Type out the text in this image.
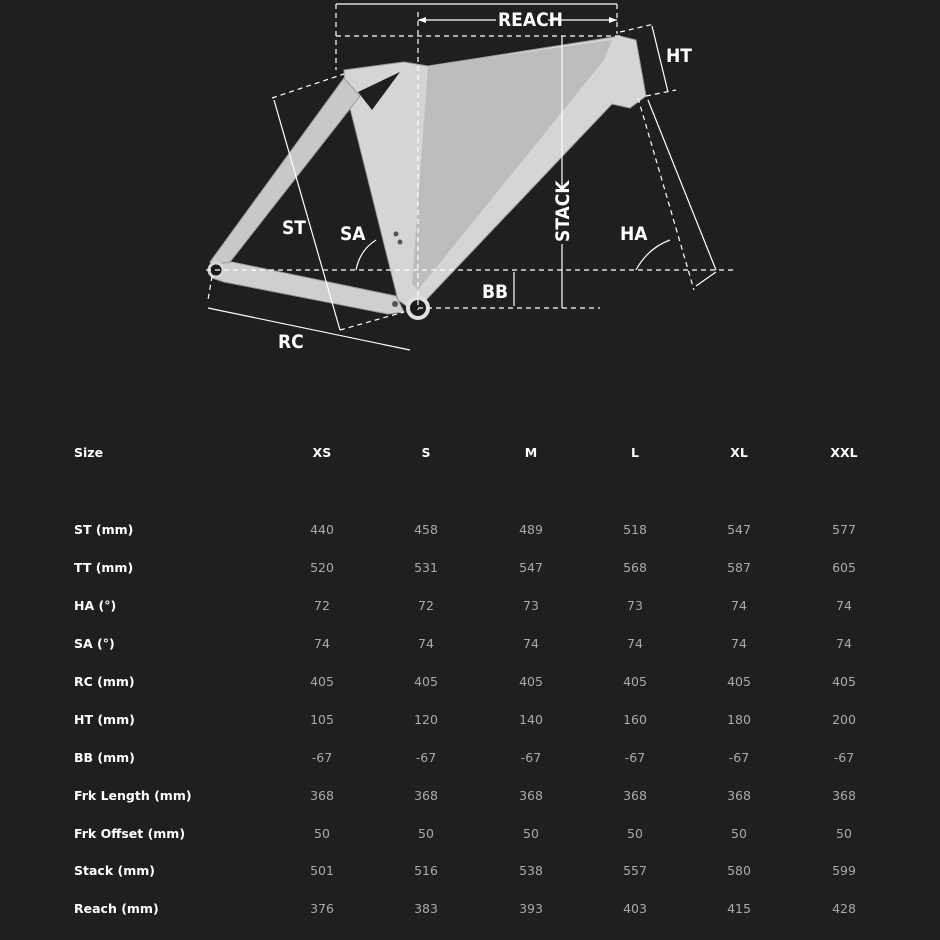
REACH
HT
ST SA	HA
BB
RC
STACK
Size	XS	S	M	L	XL	XXL
ST (mm)	440	458	489	518	547	577
TT (mm)	520	531	547	568	587	605
HA (°)	72	72	73	73	74	74
SA (°)	74	74	74	74	74	74
RC (mm)	405	405	405	405	405	405
HT (mm)	105	120	140	160	180	200
BB (mm)	-67	-67	-67	-67	-67	-67
Frk Length (mm)	368	368	368	368	368	368
Frk Offset (mm)	50	50	50	50	50	50
Stack (mm)	501	516	538	557	580	599
Reach (mm)	376	383	393	403	415	428
